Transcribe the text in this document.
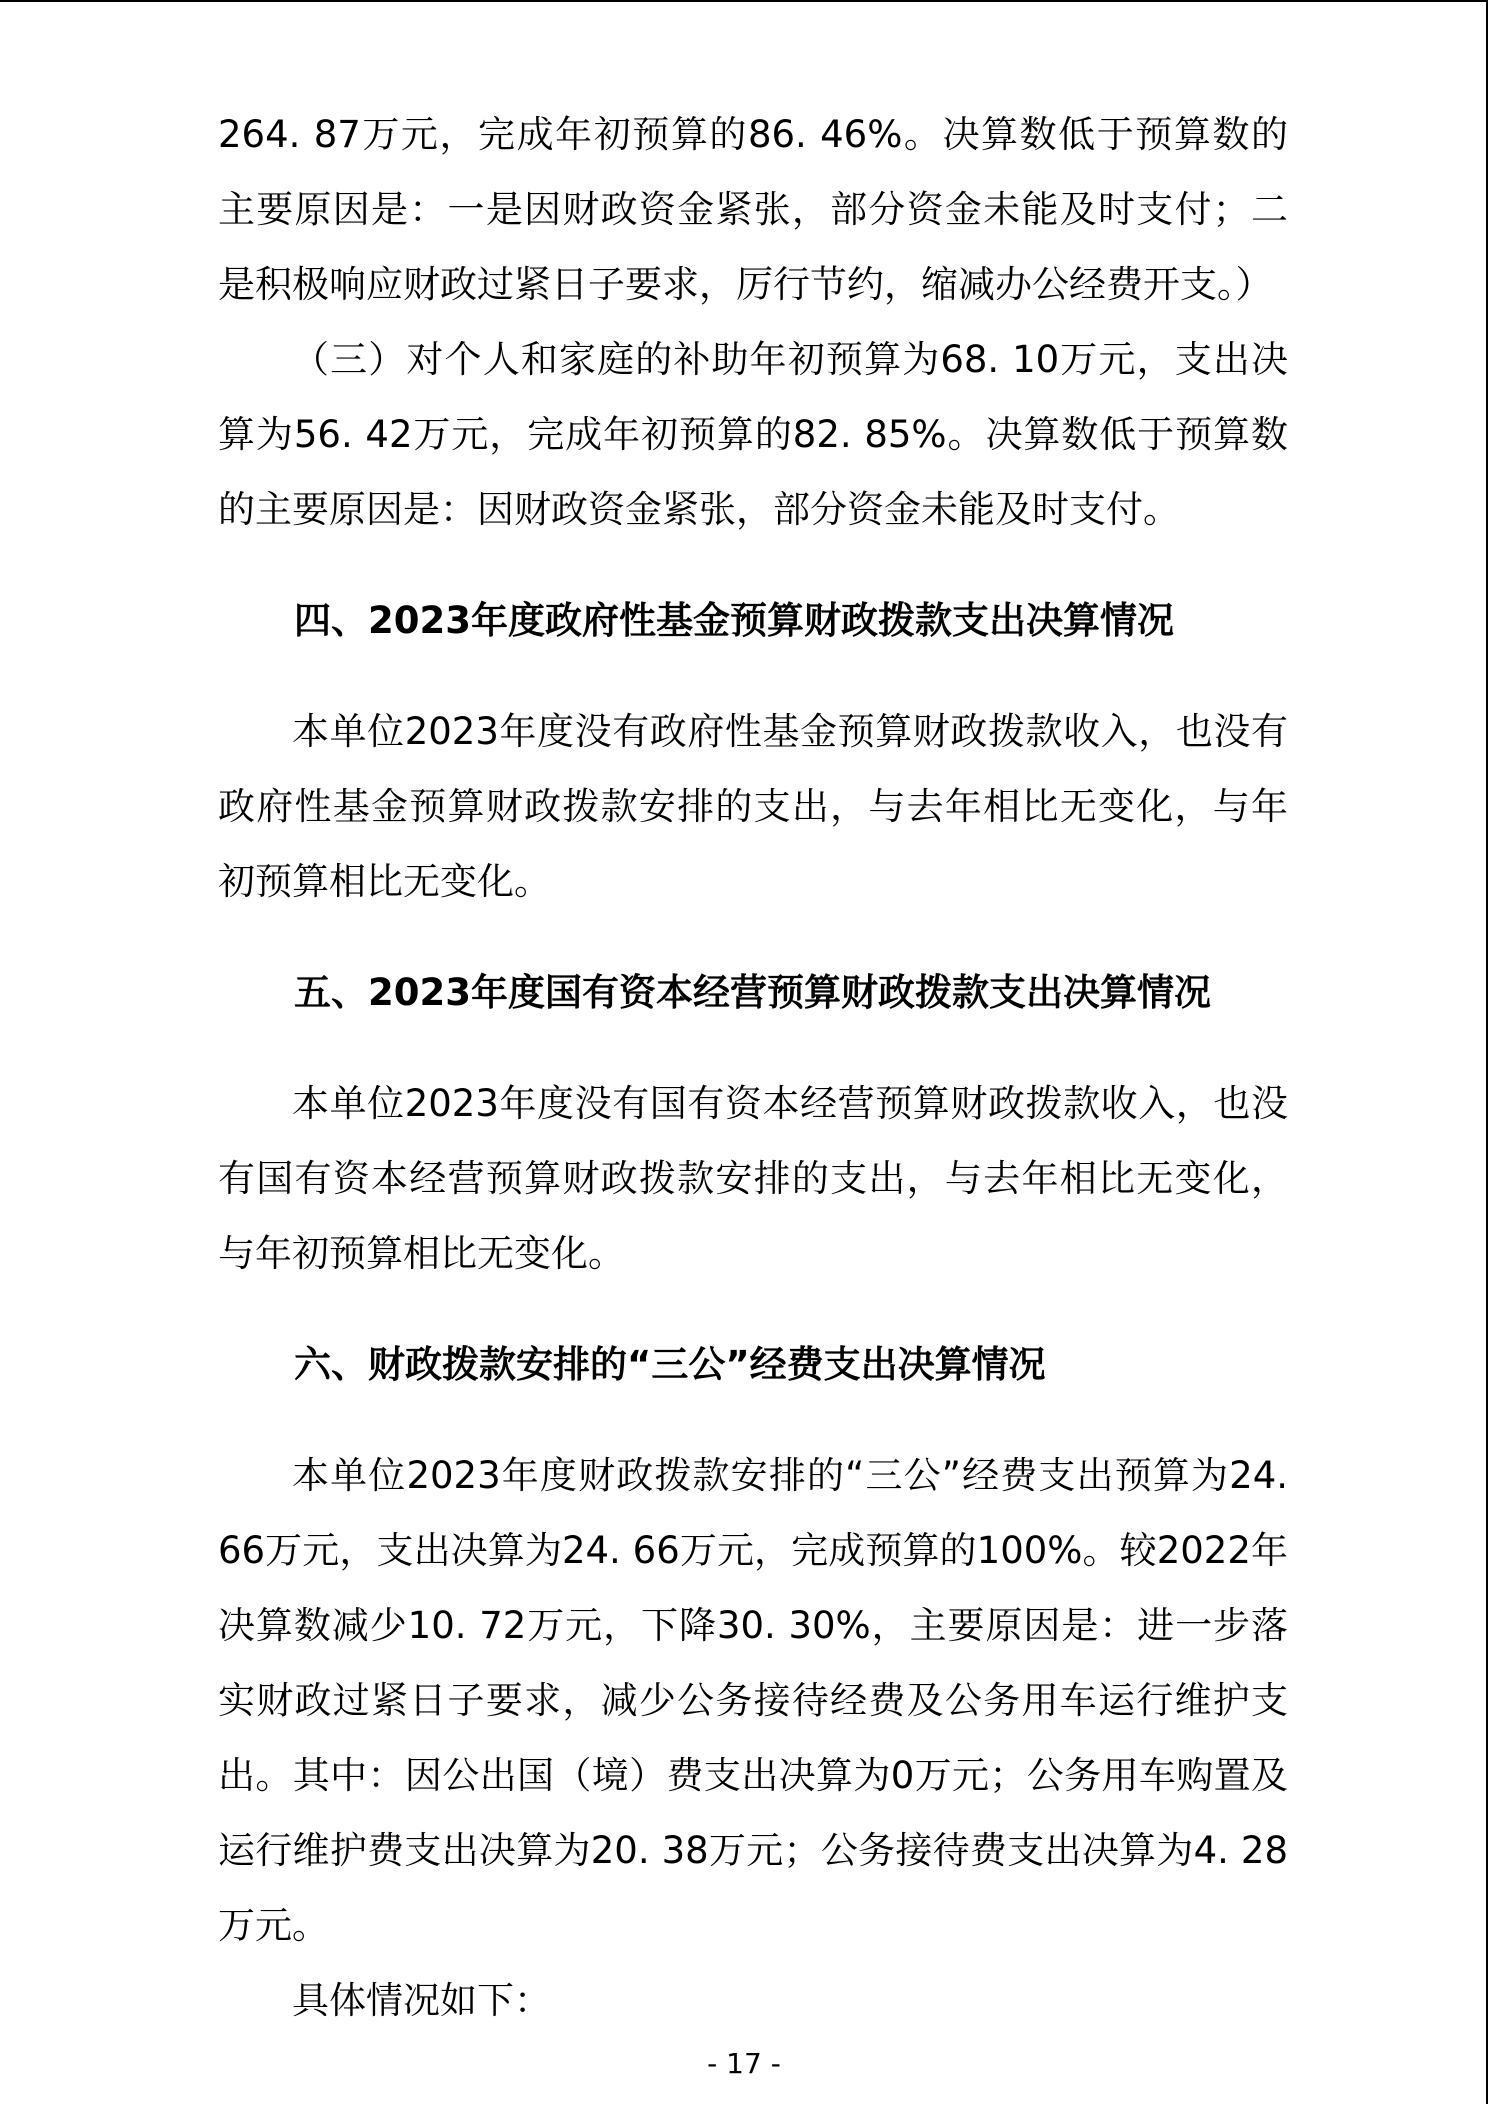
264. 87万元，完成年初预算的86. 46%。决算数低于预算数的主要原因是：一是因财政资金紧张，部分资金未能及时支付；二是积极响应财政过紧日子要求，厉行节约，缩减办公经费开支。）

（三）对个人和家庭的补助年初预算为68. 10万元，支出决算为56. 42万元，完成年初预算的82. 85%。决算数低于预算数的主要原因是：因财政资金紧张，部分资金未能及时支付。

四、2023年度政府性基金预算财政拨款支出决算情况

本单位2023年度没有政府性基金预算财政拨款收入，也没有政府性基金预算财政拨款安排的支出，与去年相比无变化，与年初预算相比无变化。

五、2023年度国有资本经营预算财政拨款支出决算情况

本单位2023年度没有国有资本经营预算财政拨款收入，也没有国有资本经营预算财政拨款安排的支出，与去年相比无变化，与年初预算相比无变化。

六、财政拨款安排的“三公”经费支出决算情况

本单位2023年度财政拨款安排的“三公”经费支出预算为24. 66万元，支出决算为24. 66万元，完成预算的100%。较2022年决算数减少10. 72万元，下降30. 30%，主要原因是：进一步落实财政过紧日子要求，减少公务接待经费及公务用车运行维护支出。其中：因公出国（境）费支出决算为0万元；公务用车购置及运行维护费支出决算为20. 38万元；公务接待费支出决算为4. 28万元。

具体情况如下：

- 17 -
